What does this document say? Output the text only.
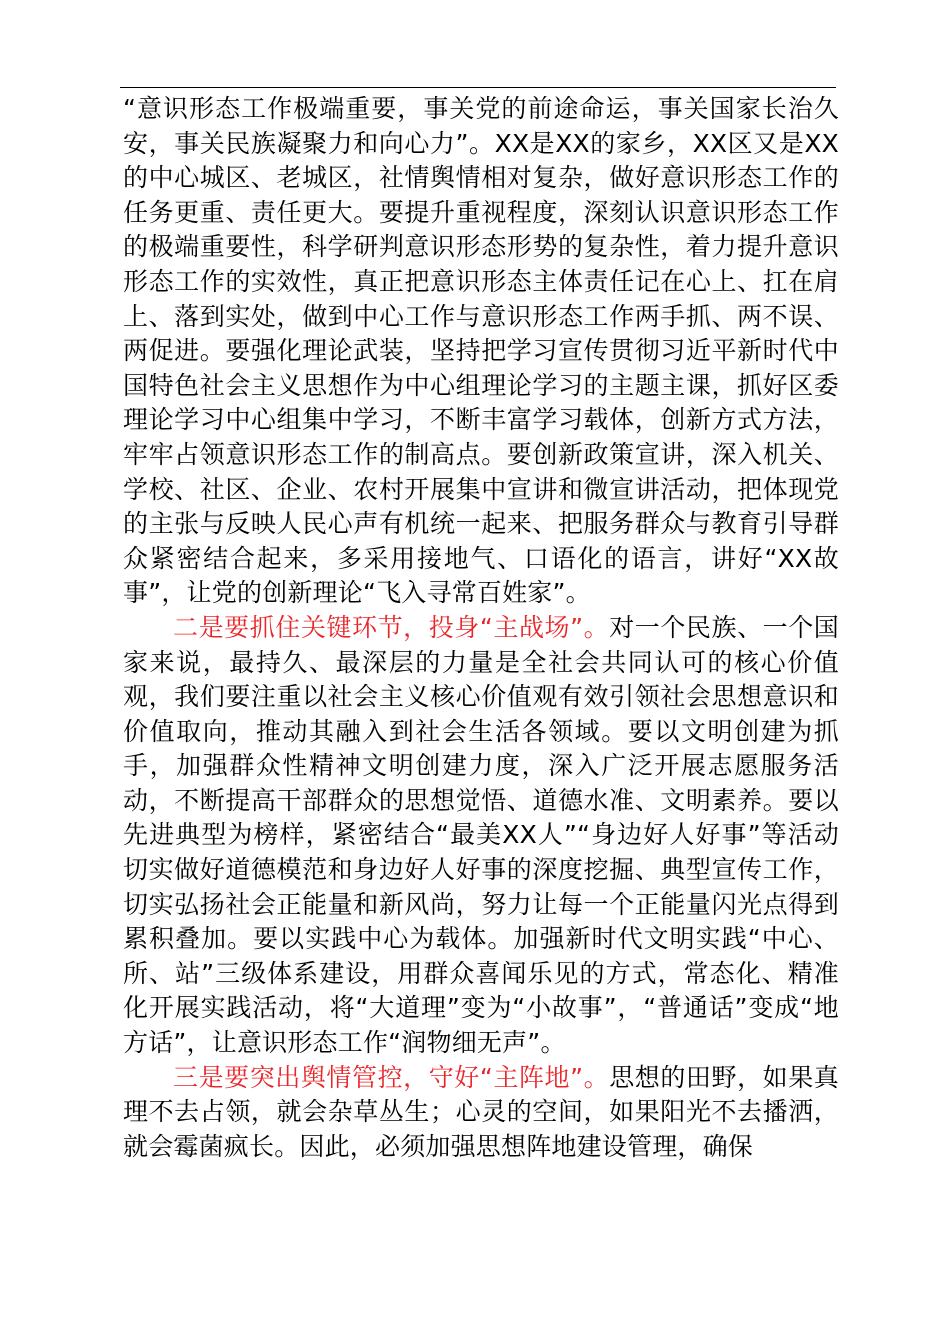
“意识形态工作极端重要，事关党的前途命运，事关国家长治久安，事关民族凝聚力和向心力”。XX是XX的家乡，XX区又是XX的中心城区、老城区，社情舆情相对复杂，做好意识形态工作的任务更重、责任更大。要提升重视程度，深刻认识意识形态工作的极端重要性，科学研判意识形态形势的复杂性，着力提升意识形态工作的实效性，真正把意识形态主体责任记在心上、扛在肩上、落到实处，做到中心工作与意识形态工作两手抓、两不误、两促进。要强化理论武装，坚持把学习宣传贯彻习近平新时代中国特色社会主义思想作为中心组理论学习的主题主课，抓好区委理论学习中心组集中学习，不断丰富学习载体，创新方式方法，牢牢占领意识形态工作的制高点。要创新政策宣讲，深入机关、学校、社区、企业、农村开展集中宣讲和微宣讲活动，把体现党的主张与反映人民心声有机统一起来、把服务群众与教育引导群众紧密结合起来，多采用接地气、口语化的语言，讲好“XX故事”，让党的创新理论“飞入寻常百姓家”。

二是要抓住关键环节，投身“主战场”。对一个民族、一个国家来说，最持久、最深层的力量是全社会共同认可的核心价值观，我们要注重以社会主义核心价值观有效引领社会思想意识和价值取向，推动其融入到社会生活各领域。要以文明创建为抓手，加强群众性精神文明创建力度，深入广泛开展志愿服务活动，不断提高干部群众的思想觉悟、道德水准、文明素养。要以先进典型为榜样，紧密结合“最美XX人”“身边好人好事”等活动切实做好道德模范和身边好人好事的深度挖掘、典型宣传工作，切实弘扬社会正能量和新风尚，努力让每一个正能量闪光点得到累积叠加。要以实践中心为载体。加强新时代文明实践“中心、所、站”三级体系建设，用群众喜闻乐见的方式，常态化、精准化开展实践活动，将“大道理”变为“小故事”，“普通话”变成“地方话”，让意识形态工作“润物细无声”。

三是要突出舆情管控，守好“主阵地”。思想的田野，如果真理不去占领，就会杂草丛生；心灵的空间，如果阳光不去播洒，就会霉菌疯长。因此，必须加强思想阵地建设管理，确保
